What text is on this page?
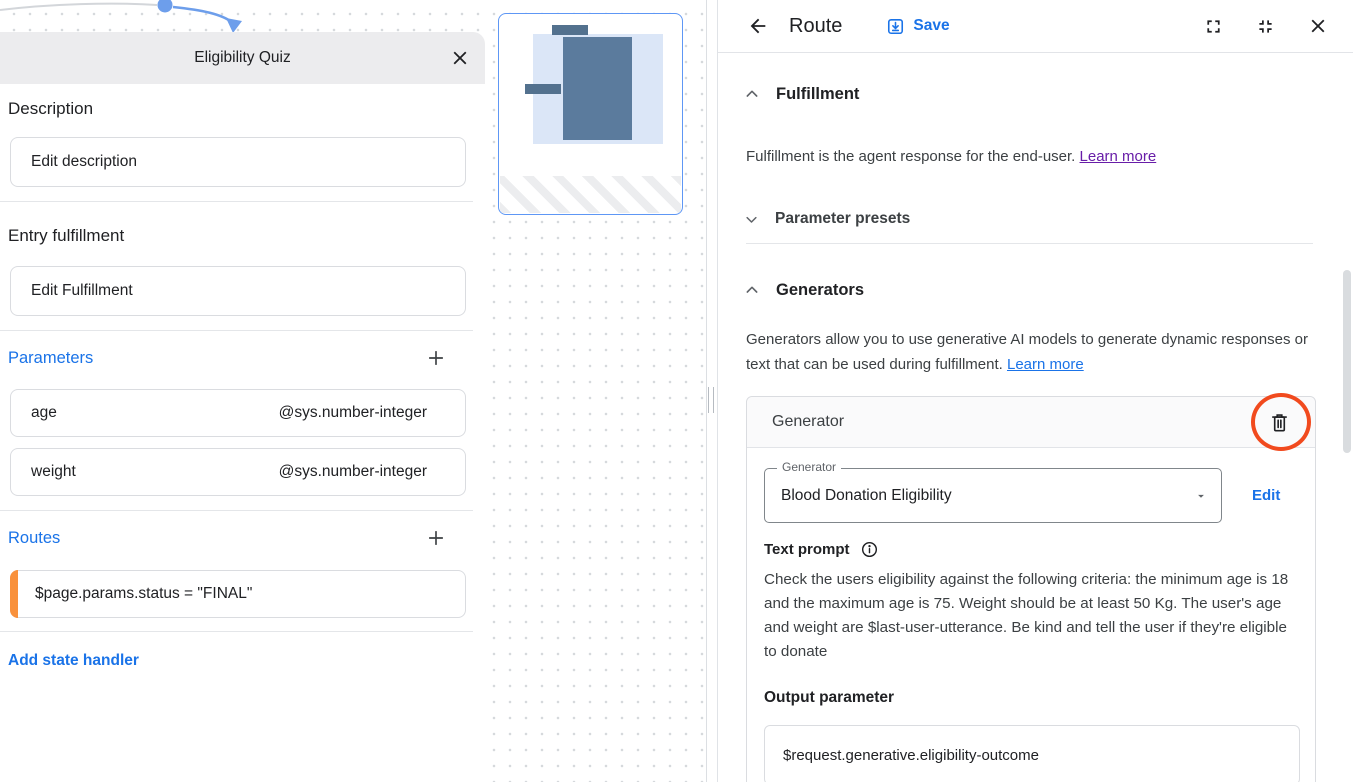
Eligibility Quiz
Description
Edit description
Entry fulfillment
Edit Fulfillment
Parameters
age	@sys.number-integer
weight	@sys.number-integer
Routes
$page.params.status = "FINAL"
Add state handler
Route	Save
Fulfillment

Fulfillment is the agent response for the end-user. Learn more

Parameter presets
Generators

Generators allow you to use generative AI models to generate dynamic responses or text that can be used during fulfillment. Learn more

Generator
Generator
Blood Donation Eligibility	Edit
Text prompt

Check the users eligibility against the following criteria: the minimum age is 18 and the maximum age is 75. Weight should be at least 50 Kg. The user's age and weight are $last-user-utterance. Be kind and tell the user if they're eligible to donate

Output parameter
$request.generative.eligibility-outcome
